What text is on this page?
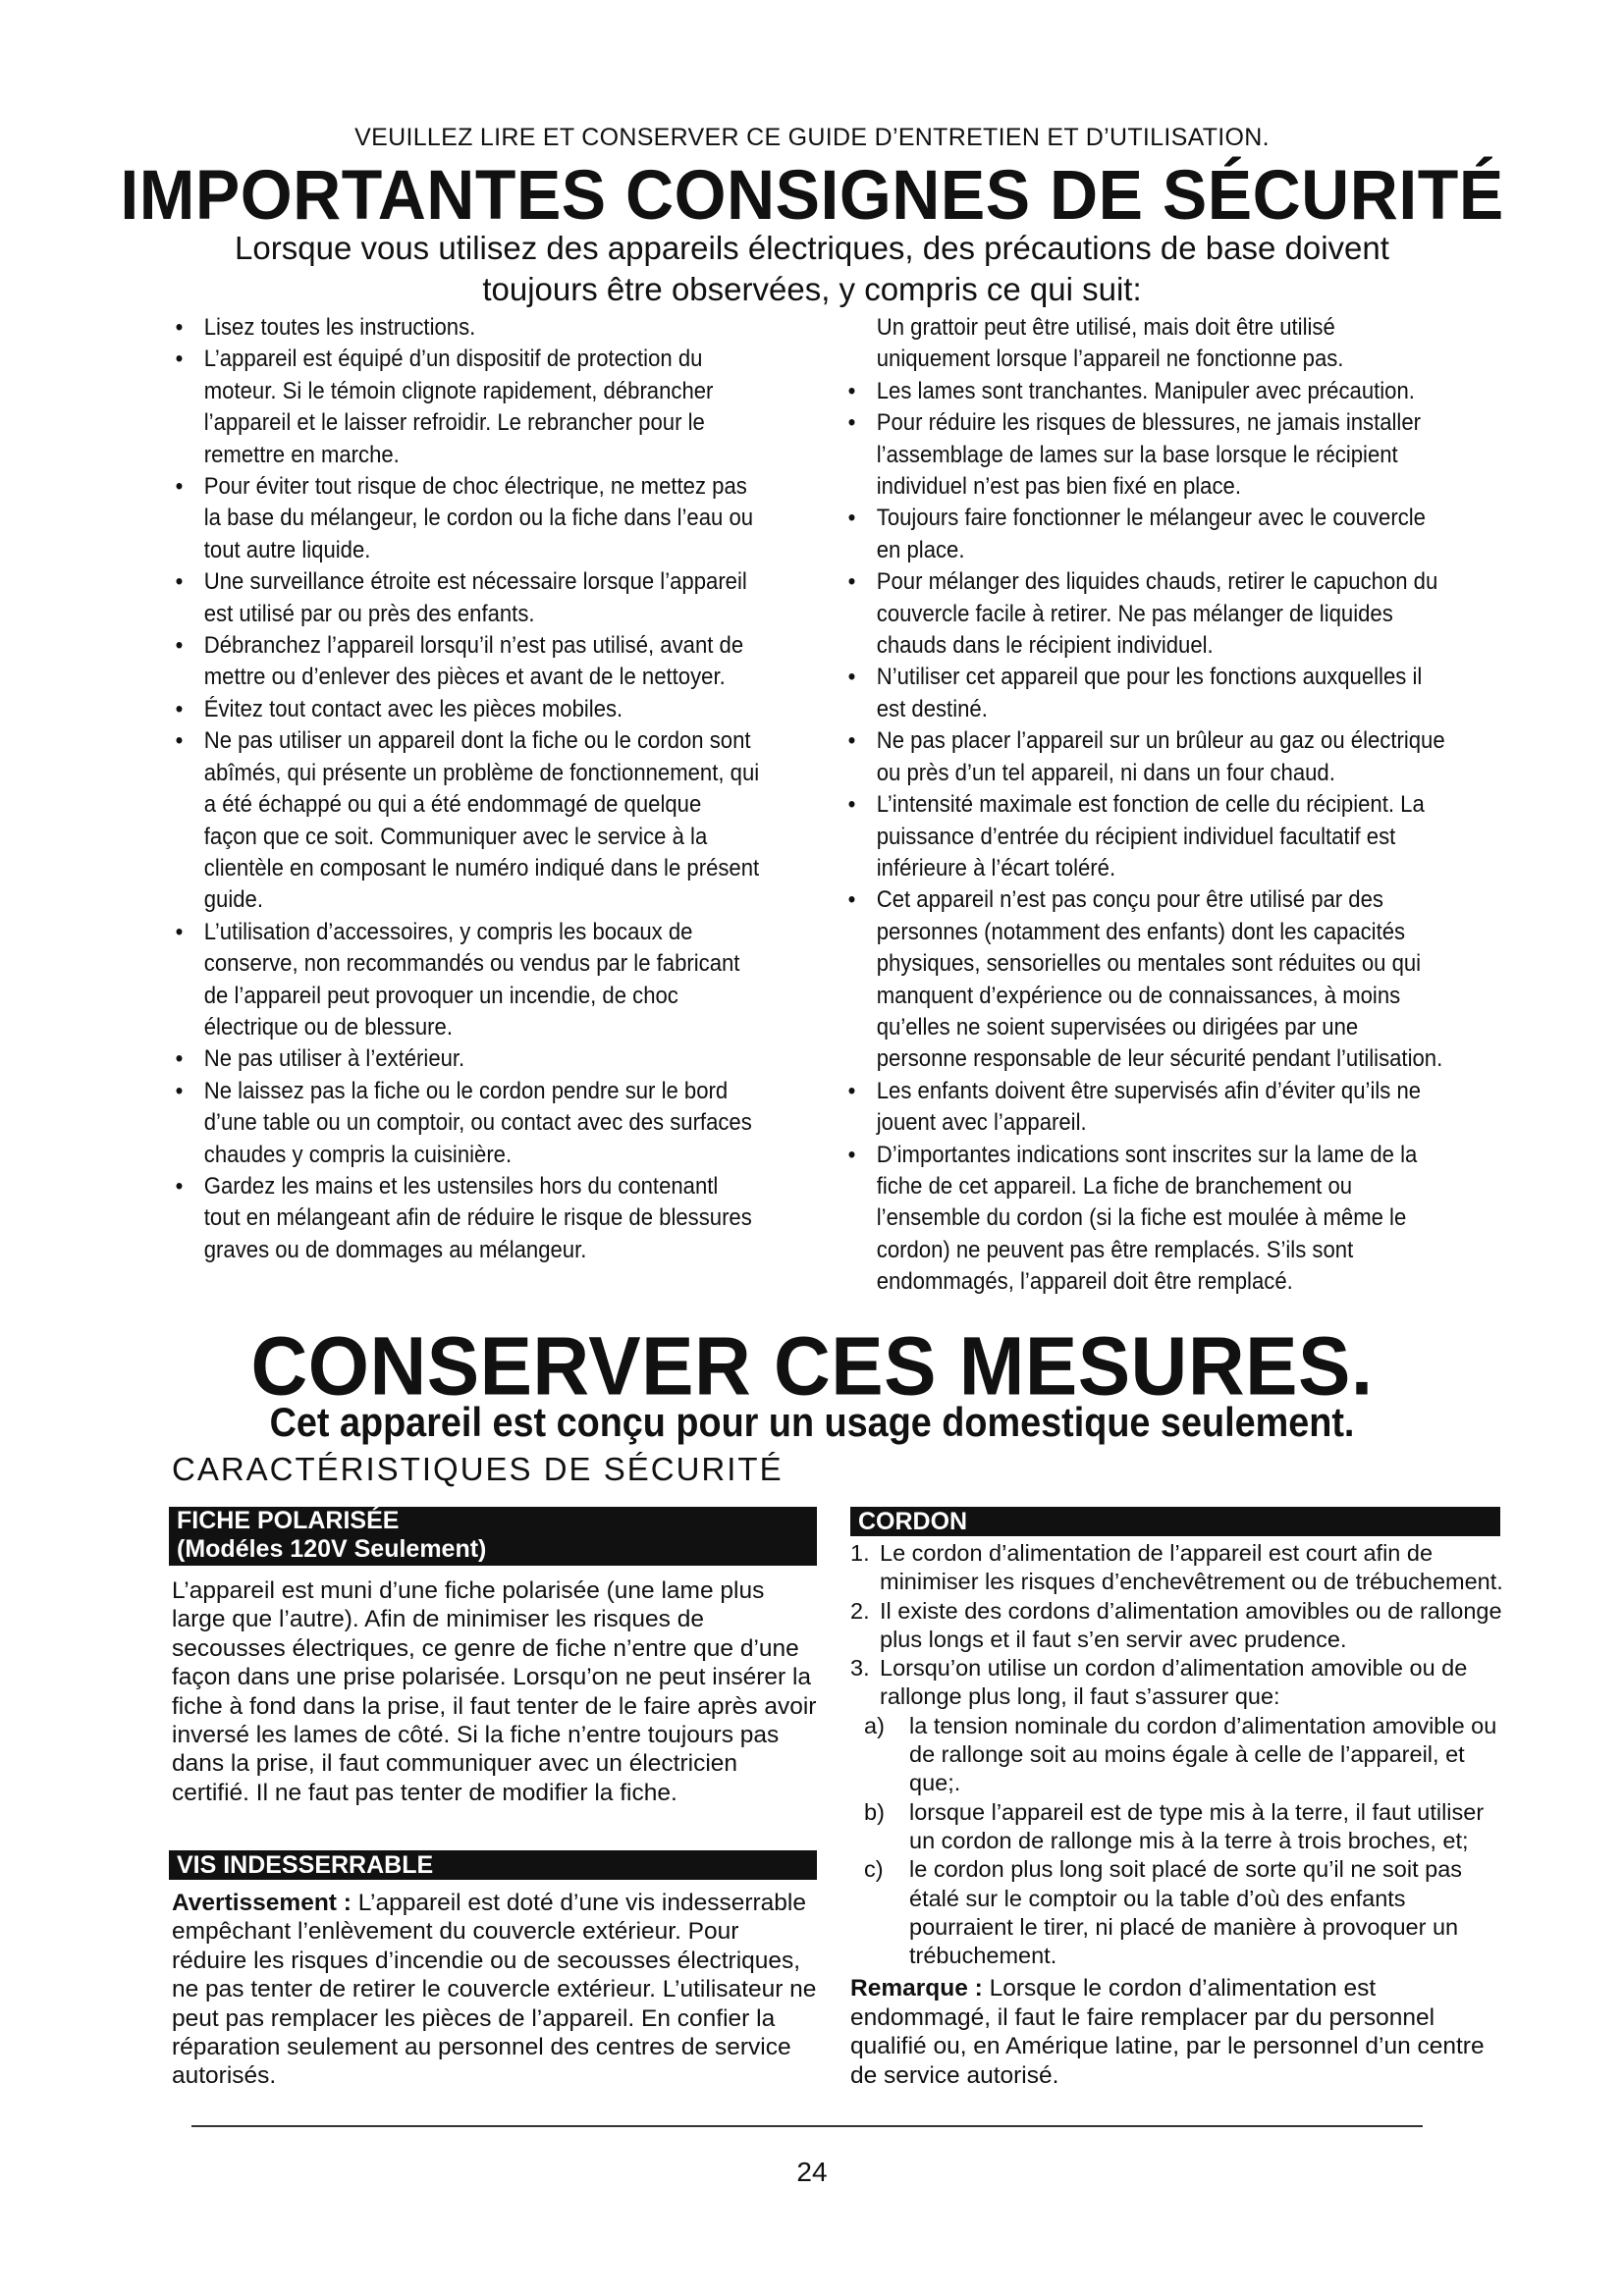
VEUILLEZ LIRE ET CONSERVER CE GUIDE D’ENTRETIEN ET D’UTILISATION.
IMPORTANTES CONSIGNES DE SÉCURITÉ
Lorsque vous utilisez des appareils électriques, des précautions de base doivent toujours être observées, y compris ce qui suit:
• Lisez toutes les instructions.
• L’appareil est équipé d’un dispositif de protection du moteur. Si le témoin clignote rapidement, débrancher l’appareil et le laisser refroidir. Le rebrancher pour le remettre en marche.
• Pour éviter tout risque de choc électrique, ne mettez pas la base du mélangeur, le cordon ou la fiche dans l’eau ou tout autre liquide.
• Une surveillance étroite est nécessaire lorsque l’appareil est utilisé par ou près des enfants.
• Débranchez l’appareil lorsqu’il n’est pas utilisé, avant de mettre ou d’enlever des pièces et avant de le nettoyer.
• Évitez tout contact avec les pièces mobiles.
• Ne pas utiliser un appareil dont la fiche ou le cordon sont abîmés, qui présente un problème de fonctionnement, qui a été échappé ou qui a été endommagé de quelque façon que ce soit. Communiquer avec le service à la clientèle en composant le numéro indiqué dans le présent guide.
• L’utilisation d’accessoires, y compris les bocaux de conserve, non recommandés ou vendus par le fabricant de l’appareil peut provoquer un incendie, de choc électrique ou de blessure.
• Ne pas utiliser à l’extérieur.
• Ne laissez pas la fiche ou le cordon pendre sur le bord d’une table ou un comptoir, ou contact avec des surfaces chaudes y compris la cuisinière.
• Gardez les mains et les ustensiles hors du contenantl tout en mélangeant afin de réduire le risque de blessures graves ou de dommages au mélangeur.
Un grattoir peut être utilisé, mais doit être utilisé uniquement lorsque l’appareil ne fonctionne pas.
• Les lames sont tranchantes. Manipuler avec précaution.
• Pour réduire les risques de blessures, ne jamais installer l’assemblage de lames sur la base lorsque le récipient individuel n’est pas bien fixé en place.
• Toujours faire fonctionner le mélangeur avec le couvercle en place.
• Pour mélanger des liquides chauds, retirer le capuchon du couvercle facile à retirer. Ne pas mélanger de liquides chauds dans le récipient individuel.
• N’utiliser cet appareil que pour les fonctions auxquelles il est destiné.
• Ne pas placer l’appareil sur un brûleur au gaz ou électrique ou près d’un tel appareil, ni dans un four chaud.
• L’intensité maximale est fonction de celle du récipient. La puissance d’entrée du récipient individuel facultatif est inférieure à l’écart toléré.
• Cet appareil n’est pas conçu pour être utilisé par des personnes (notamment des enfants) dont les capacités physiques, sensorielles ou mentales sont réduites ou qui manquent d’expérience ou de connaissances, à moins qu’elles ne soient supervisées ou dirigées par une personne responsable de leur sécurité pendant l’utilisation.
• Les enfants doivent être supervisés afin d’éviter qu’ils ne jouent avec l’appareil.
• D’importantes indications sont inscrites sur la lame de la fiche de cet appareil. La fiche de branchement ou l’ensemble du cordon (si la fiche est moulée à même le cordon) ne peuvent pas être remplacés. S’ils sont endommagés, l’appareil doit être remplacé.
CONSERVER CES MESURES.
Cet appareil est conçu pour un usage domestique seulement.
CARACTÉRISTIQUES DE SÉCURITÉ
FICHE POLARISÉE
(Modéles 120V Seulement)
L’appareil est muni d’une fiche polarisée (une lame plus large que l’autre). Afin de minimiser les risques de secousses électriques, ce genre de fiche n’entre que d’une façon dans une prise polarisée. Lorsqu’on ne peut insérer la fiche à fond dans la prise, il faut tenter de le faire après avoir inversé les lames de côté. Si la fiche n’entre toujours pas dans la prise, il faut communiquer avec un électricien certifié. Il ne faut pas tenter de modifier la fiche.
VIS INDESSERRABLE
Avertissement : L’appareil est doté d’une vis indesserrable empêchant l’enlèvement du couvercle extérieur. Pour réduire les risques d’incendie ou de secousses électriques, ne pas tenter de retirer le couvercle extérieur. L’utilisateur ne peut pas remplacer les pièces de l’appareil. En confier la réparation seulement au personnel des centres de service autorisés.
CORDON
1. Le cordon d’alimentation de l’appareil est court afin de minimiser les risques d’enchevêtrement ou de trébuchement.
2. Il existe des cordons d’alimentation amovibles ou de rallonge plus longs et il faut s’en servir avec prudence.
3. Lorsqu’on utilise un cordon d’alimentation amovible ou de rallonge plus long, il faut s’assurer que:
a) la tension nominale du cordon d’alimentation amovible ou de rallonge soit au moins égale à celle de l’appareil, et que;.
b) lorsque l’appareil est de type mis à la terre, il faut utiliser un cordon de rallonge mis à la terre à trois broches, et;
c) le cordon plus long soit placé de sorte qu’il ne soit pas étalé sur le comptoir ou la table d’où des enfants pourraient le tirer, ni placé de manière à provoquer un trébuchement.
Remarque : Lorsque le cordon d’alimentation est endommagé, il faut le faire remplacer par du personnel qualifié ou, en Amérique latine, par le personnel d’un centre de service autorisé.
24
